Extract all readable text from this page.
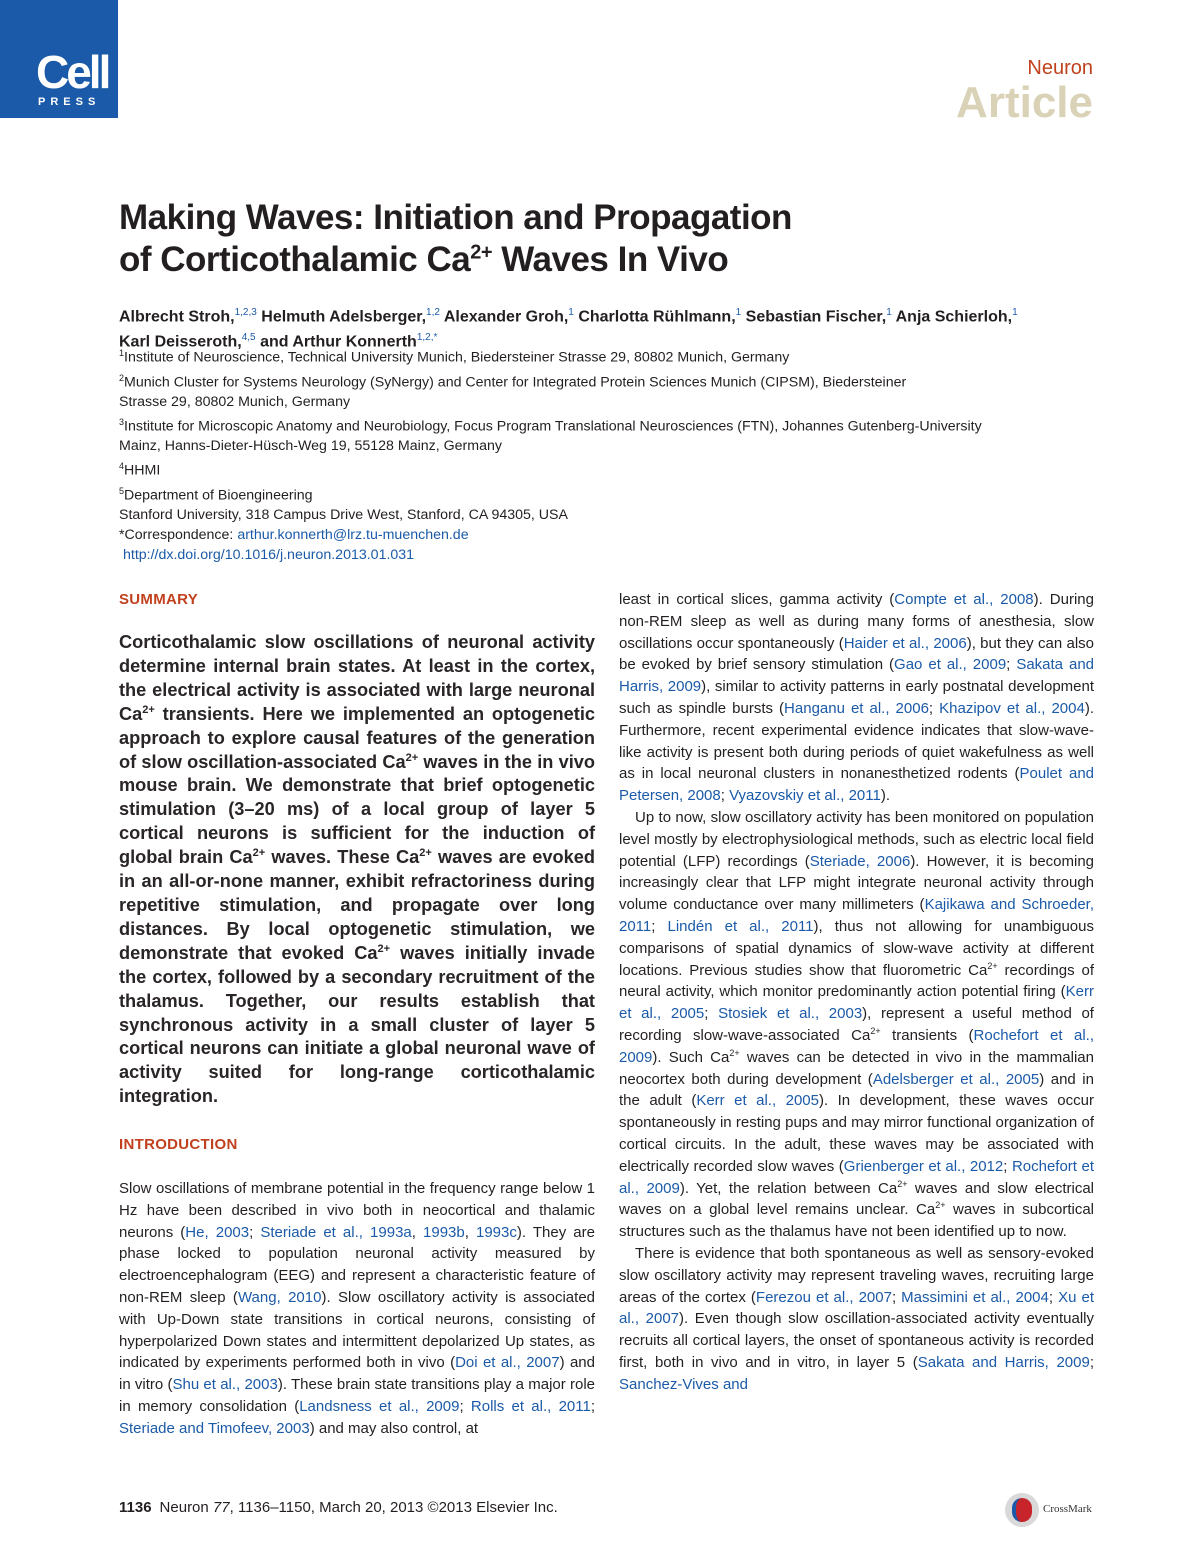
Cell
PRESS
Neuron
Article
Making Waves: Initiation and Propagation
of Corticothalamic $Ca^{2+}$ Waves In Vivo
Albrecht Stroh,$^{1,2,3}$ Helmuth Adelsberger,$^{1,2}$ Alexander Groh,$^1$ Charlotta Rühlmann,$^1$ Sebastian Fischer,$^1$ Anja Schierloh,$^1$
Karl Deisseroth,$^{4,5}$ and Arthur Konnerth$^{1,2,*}$
$^1$Institute of Neuroscience, Technical University Munich, Biedersteiner Strasse 29, 80802 Munich, Germany
$^2$Munich Cluster for Systems Neurology (SyNergy) and Center for Integrated Protein Sciences Munich (CIPSM), Biedersteiner
Strasse 29, 80802 Munich, Germany
$^3$Institute for Microscopic Anatomy and Neurobiology, Focus Program Translational Neurosciences (FTN), Johannes Gutenberg-University
Mainz, Hanns-Dieter-Hüsch-Weg 19, 55128 Mainz, Germany
$^4$HHMI
$^5$Department of Bioengineering
Stanford University, 318 Campus Drive West, Stanford, CA 94305, USA
*Correspondence: arthur.konnerth@lrz.tu-muenchen.de
http://dx.doi.org/10.1016/j.neuron.2013.01.031
SUMMARY
Corticothalamic slow oscillations of neuronal activity determine internal brain states. At least in the cortex, the electrical activity is associated with large neuronal $Ca^{2+}$ transients. Here we implemented an optogenetic approach to explore causal features of the generation of slow oscillation-associated $Ca^{2+}$ waves in the in vivo mouse brain. We demonstrate that brief optogenetic stimulation (3–20 ms) of a local group of layer 5 cortical neurons is sufficient for the induction of global brain $Ca^{2+}$ waves. These $Ca^{2+}$ waves are evoked in an all-or-none manner, exhibit refractoriness during repetitive stimulation, and propagate over long distances. By local optogenetic stimulation, we demonstrate that evoked $Ca^{2+}$ waves initially invade the cortex, followed by a secondary recruitment of the thalamus. Together, our results establish that synchronous activity in a small cluster of layer 5 cortical neurons can initiate a global neuronal wave of activity suited for long-range corticothalamic integration.
INTRODUCTION

Slow oscillations of membrane potential in the frequency range below 1 Hz have been described in vivo both in neocortical and thalamic neurons (He, 2003; Steriade et al., 1993a, 1993b, 1993c). They are phase locked to population neuronal activity measured by electroencephalogram (EEG) and represent a characteristic feature of non-REM sleep (Wang, 2010). Slow oscillatory activity is associated with Up-Down state transitions in cortical neurons, consisting of hyperpolarized Down states and intermittent depolarized Up states, as indicated by experiments performed both in vivo (Doi et al., 2007) and in vitro (Shu et al., 2003). These brain state transitions play a major role in memory consolidation (Landsness et al., 2009; Rolls et al., 2011; Steriade and Timofeev, 2003) and may also control, at

least in cortical slices, gamma activity (Compte et al., 2008). During non-REM sleep as well as during many forms of anesthesia, slow oscillations occur spontaneously (Haider et al., 2006), but they can also be evoked by brief sensory stimulation (Gao et al., 2009; Sakata and Harris, 2009), similar to activity patterns in early postnatal development such as spindle bursts (Hanganu et al., 2006; Khazipov et al., 2004). Furthermore, recent experimental evidence indicates that slow-wave-like activity is present both during periods of quiet wakefulness as well as in local neuronal clusters in nonanesthetized rodents (Poulet and Petersen, 2008; Vyazovskiy et al., 2011).

Up to now, slow oscillatory activity has been monitored on population level mostly by electrophysiological methods, such as electric local field potential (LFP) recordings (Steriade, 2006). However, it is becoming increasingly clear that LFP might integrate neuronal activity through volume conductance over many millimeters (Kajikawa and Schroeder, 2011; Lindén et al., 2011), thus not allowing for unambiguous comparisons of spatial dynamics of slow-wave activity at different locations. Previous studies show that fluorometric $Ca^{2+}$ recordings of neural activity, which monitor predominantly action potential firing (Kerr et al., 2005; Stosiek et al., 2003), represent a useful method of recording slow-wave-associated $Ca^{2+}$ transients (Rochefort et al., 2009). Such $Ca^{2+}$ waves can be detected in vivo in the mammalian neocortex both during development (Adelsberger et al., 2005) and in the adult (Kerr et al., 2005). In development, these waves occur spontaneously in resting pups and may mirror functional organization of cortical circuits. In the adult, these waves may be associated with electrically recorded slow waves (Grienberger et al., 2012; Rochefort et al., 2009). Yet, the relation between $Ca^{2+}$ waves and slow electrical waves on a global level remains unclear. $Ca^{2+}$ waves in subcortical structures such as the thalamus have not been identified up to now.

There is evidence that both spontaneous as well as sensory-evoked slow oscillatory activity may represent traveling waves, recruiting large areas of the cortex (Ferezou et al., 2007; Massimini et al., 2004; Xu et al., 2007). Even though slow oscillation-associated activity eventually recruits all cortical layers, the onset of spontaneous activity is recorded first, both in vivo and in vitro, in layer 5 (Sakata and Harris, 2009; Sanchez-Vives and

1136 Neuron 77, 1136–1150, March 20, 2013 ©2013 Elsevier Inc.	CrossMark
